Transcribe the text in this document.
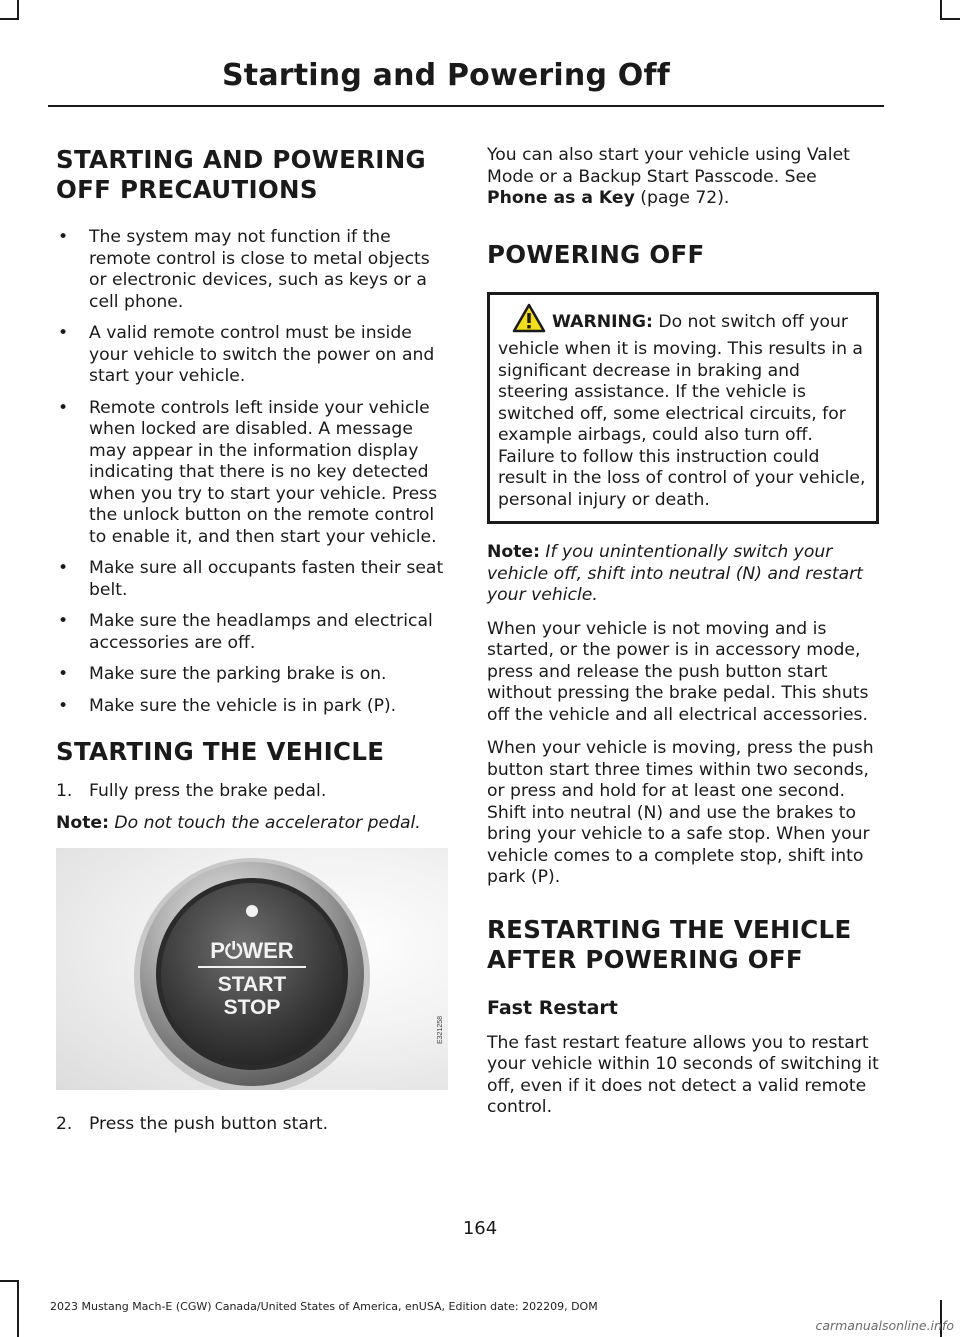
Starting and Powering Off
STARTING AND POWERING
OFF PRECAUTIONS
• The system may not function if the remote control is close to metal objects or electronic devices, such as keys or a cell phone.
• A valid remote control must be inside your vehicle to switch the power on and start your vehicle.
• Remote controls left inside your vehicle when locked are disabled. A message may appear in the information display indicating that there is no key detected when you try to start your vehicle. Press the unlock button on the remote control to enable it, and then start your vehicle.
• Make sure all occupants fasten their seat belt.
• Make sure the headlamps and electrical accessories are off.
• Make sure the parking brake is on.
• Make sure the vehicle is in park (P).
STARTING THE VEHICLE
1. Fully press the brake pedal.

Note: Do not touch the accelerator pedal.

P⏻WER
START
STOP
E321258
2. Press the push button start.

You can also start your vehicle using Valet Mode or a Backup Start Passcode. See Phone as a Key (page 72).

POWERING OFF
WARNING: Do not switch off your vehicle when it is moving. This results in a significant decrease in braking and steering assistance. If the vehicle is switched off, some electrical circuits, for example airbags, could also turn off. Failure to follow this instruction could result in the loss of control of your vehicle, personal injury or death.

Note: If you unintentionally switch your vehicle off, shift into neutral (N) and restart your vehicle.

When your vehicle is not moving and is started, or the power is in accessory mode, press and release the push button start without pressing the brake pedal. This shuts off the vehicle and all electrical accessories.

When your vehicle is moving, press the push button start three times within two seconds, or press and hold for at least one second. Shift into neutral (N) and use the brakes to bring your vehicle to a safe stop. When your vehicle comes to a complete stop, shift into park (P).

RESTARTING THE VEHICLE
AFTER POWERING OFF
Fast Restart

The fast restart feature allows you to restart your vehicle within 10 seconds of switching it off, even if it does not detect a valid remote control.

164
2023 Mustang Mach-E (CGW) Canada/United States of America, enUSA, Edition date: 202209, DOM
carmanualsonline.info
